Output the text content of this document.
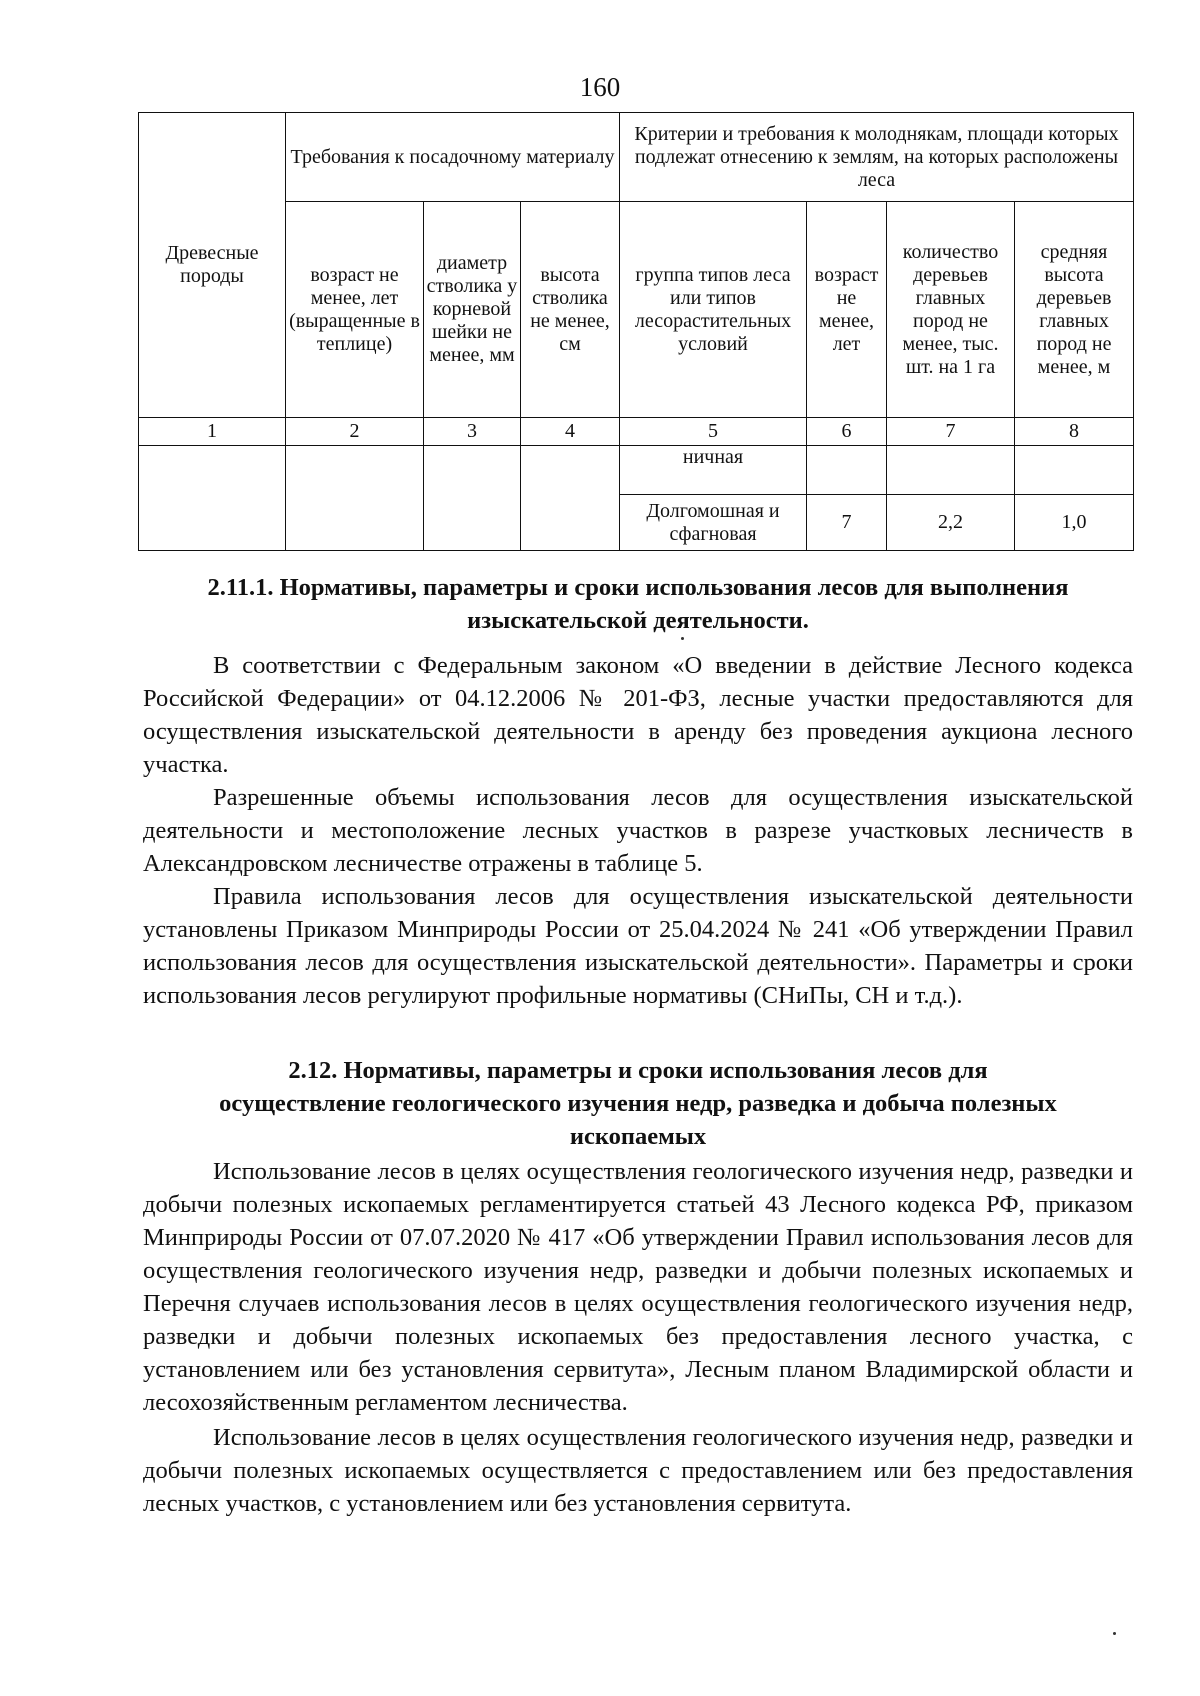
160
Древесные породы	Требования к посадочному материалу			Критерии и требования к молоднякам, площади которых подлежат отнесению к землям, на которых расположены леса			
	возраст не менее, лет (выращенные в теплице)	диаметр стволика у корневой шейки не менее, мм	высота стволика не менее, см	группа типов леса или типов лесорастительных условий	возраст не менее, лет	количество деревьев главных пород не менее, тыс. шт. на 1 га	средняя высота деревьев главных пород не менее, м
1	2	3	4	5	6	7	8
				ничная			
				Долгомошная и сфагновая	7	2,2	1,0
2.11.1. Нормативы, параметры и сроки использования лесов для выполнения изыскательской деятельности.

В соответствии с Федеральным законом «О введении в действие Лесного кодекса Российской Федерации» от 04.12.2006 № 201-ФЗ, лесные участки предоставляются для осуществления изыскательской деятельности в аренду без проведения аукциона лесного участка.

Разрешенные объемы использования лесов для осуществления изыскательской деятельности и местоположение лесных участков в разрезе участковых лесничеств в Александровском лесничестве отражены в таблице 5.

Правила использования лесов для осуществления изыскательской деятельности установлены Приказом Минприроды России от 25.04.2024 № 241 «Об утверждении Правил использования лесов для осуществления изыскательской деятельности». Параметры и сроки использования лесов регулируют профильные нормативы (СНиПы, СН и т.д.).

2.12. Нормативы, параметры и сроки использования лесов для осуществление геологического изучения недр, разведка и добыча полезных ископаемых

Использование лесов в целях осуществления геологического изучения недр, разведки и добычи полезных ископаемых регламентируется статьей 43 Лесного кодекса РФ, приказом Минприроды России от 07.07.2020 № 417 «Об утверждении Правил использования лесов для осуществления геологического изучения недр, разведки и добычи полезных ископаемых и Перечня случаев использования лесов в целях осуществления геологического изучения недр, разведки и добычи полезных ископаемых без предоставления лесного участка, с установлением или без установления сервитута», Лесным планом Владимирской области и лесохозяйственным регламентом лесничества.

Использование лесов в целях осуществления геологического изучения недр, разведки и добычи полезных ископаемых осуществляется с предоставлением или без предоставления лесных участков, с установлением или без установления сервитута.
